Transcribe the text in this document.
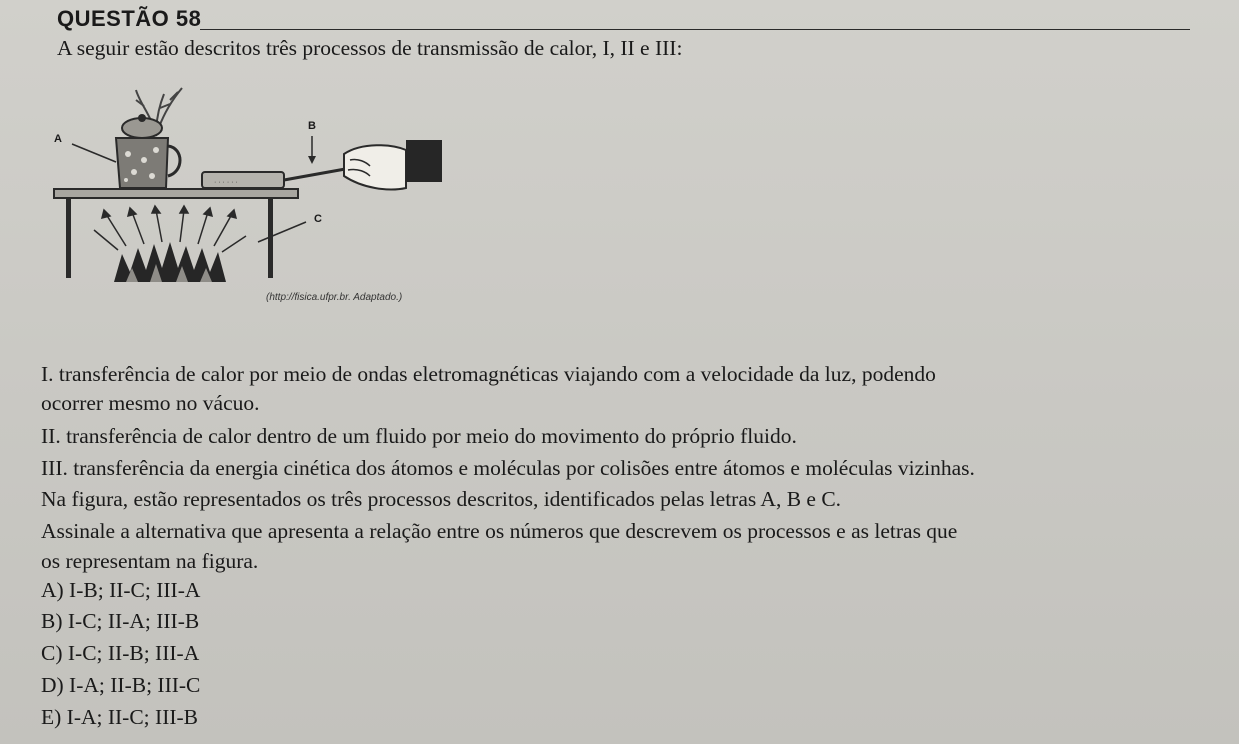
QUESTÃO 58
A seguir estão descritos três processos de transmissão de calor, I, II e III:
A
· · · · · ·
B
C
(http://fisica.ufpr.br. Adaptado.)
I. transferência de calor por meio de ondas eletromagnéticas viajando com a velocidade da luz, podendo
ocorrer mesmo no vácuo.
II. transferência de calor dentro de um fluido por meio do movimento do próprio fluido.
III. transferência da energia cinética dos átomos e moléculas por colisões entre átomos e moléculas vizinhas.
Na figura, estão representados os três processos descritos, identificados pelas letras A, B e C.
Assinale a alternativa que apresenta a relação entre os números que descrevem os processos e as letras que
os representam na figura.
A) I-B; II-C; III-A
B) I-C; II-A; III-B
C) I-C; II-B; III-A
D) I-A; II-B; III-C
E) I-A; II-C; III-B
